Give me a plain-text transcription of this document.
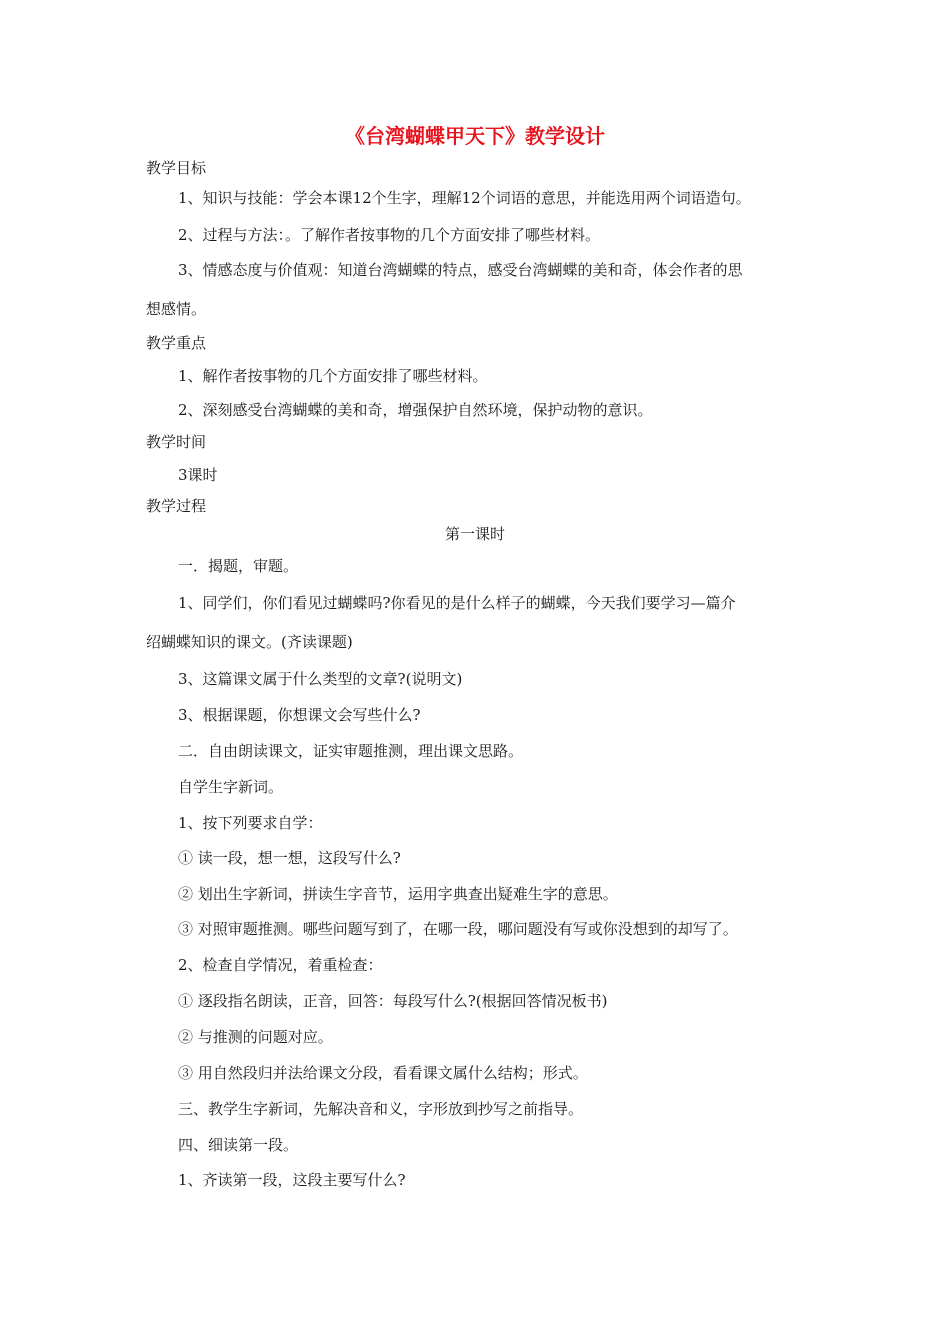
《台湾蝴蝶甲天下》教学设计
教学目标
1、知识与技能：学会本课12个生字，理解12个词语的意思，并能选用两个词语造句。
2、过程与方法：。了解作者按事物的几个方面安排了哪些材料。
3、情感态度与价值观：知道台湾蝴蝶的特点，感受台湾蝴蝶的美和奇，体会作者的思
想感情。
教学重点
1、解作者按事物的几个方面安排了哪些材料。
2、深刻感受台湾蝴蝶的美和奇，增强保护自然环境，保护动物的意识。
教学时间
3课时
教学过程
第一课时
一．揭题，审题。
1、同学们，你们看见过蝴蝶吗?你看见的是什么样子的蝴蝶，今天我们要学习—篇介
绍蝴蝶知识的课文。(齐读课题)
3、这篇课文属于什么类型的文章?(说明文)
3、根据课题，你想课文会写些什么?
二．自由朗读课文，证实审题推测，理出课文思路。
自学生字新词。
1、按下列要求自学：
① 读一段，想一想，这段写什么?
② 划出生字新词，拼读生字音节，运用字典查出疑难生字的意思。
③ 对照审题推测。哪些问题写到了，在哪一段，哪问题没有写或你没想到的却写了。
2、检查自学情况，着重检查：
① 逐段指名朗读，正音，回答：每段写什么?(根据回答情况板书)
② 与推测的问题对应。
③ 用自然段归并法给课文分段，看看课文属什么结构；形式。
三、教学生字新词，先解决音和义，字形放到抄写之前指导。
四、细读第一段。
1、齐读第一段，这段主要写什么?
